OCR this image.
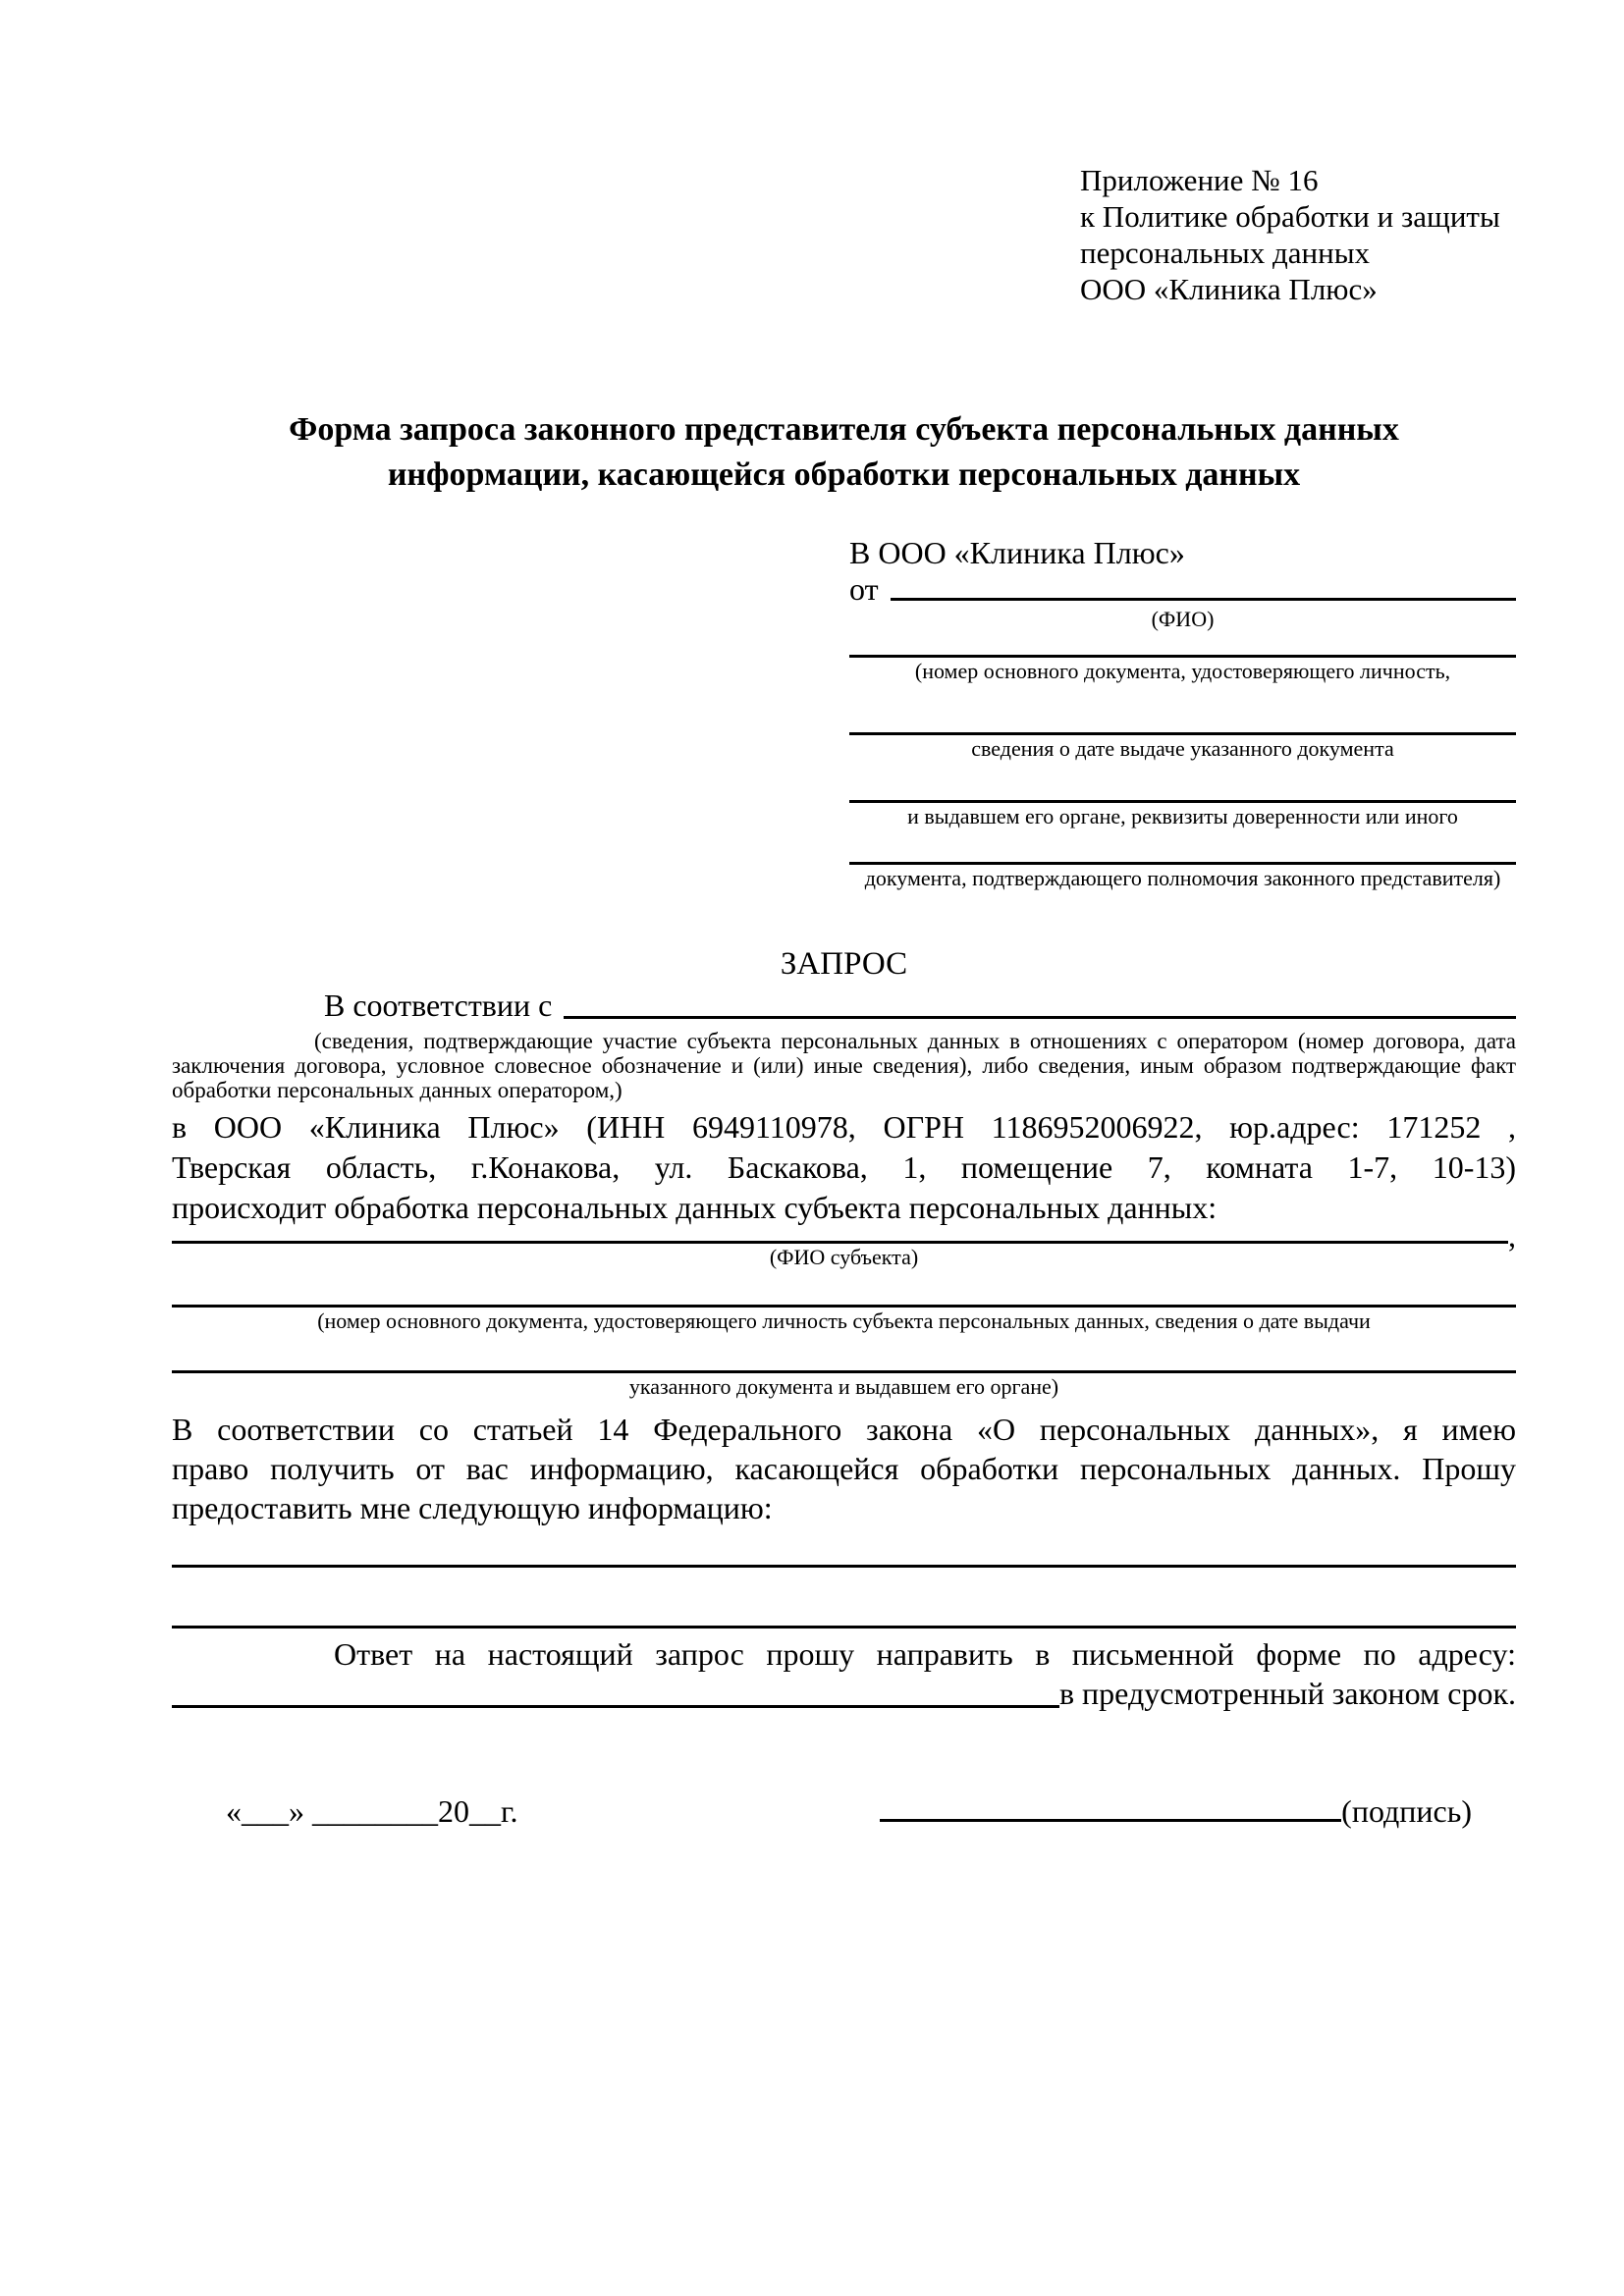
Приложение № 16
к Политике обработки и защиты
персональных данных
ООО «Клиника Плюс»
Форма запроса законного представителя субъекта персональных данных
информации, касающейся обработки персональных данных
В ООО «Клиника Плюс»
от
(ФИО)
(номер основного документа, удостоверяющего личность,
сведения о дате выдаче указанного документа
и выдавшем его органе, реквизиты доверенности или иного
документа, подтверждающего полномочия законного представителя)
ЗАПРОС
В соответствии с
(сведения, подтверждающие участие субъекта персональных данных в отношениях с оператором (номер договора, дата
заключения договора, условное словесное обозначение и (или) иные сведения), либо сведения, иным образом подтверждающие факт
обработки персональных данных оператором,)
в ООО «Клиника Плюс» (ИНН 6949110978, ОГРН 1186952006922, юр.адрес: 171252 ,
Тверская область, г.Конакова, ул. Баскакова, 1, помещение 7, комната 1-7, 10-13)
происходит обработка персональных данных субъекта персональных данных:
,
(ФИО субъекта)
(номер основного документа, удостоверяющего личность субъекта персональных данных, сведения о дате выдачи
указанного документа и выдавшем его органе)
В соответствии со статьей 14 Федерального закона «О персональных данных», я имею
право получить от вас информацию, касающейся обработки персональных данных. Прошу
предоставить мне следующую информацию:
Ответ на настоящий запрос прошу направить в письменной форме по адресу:
в предусмотренный законом срок.
«___» ________20__г.	(подпись)
